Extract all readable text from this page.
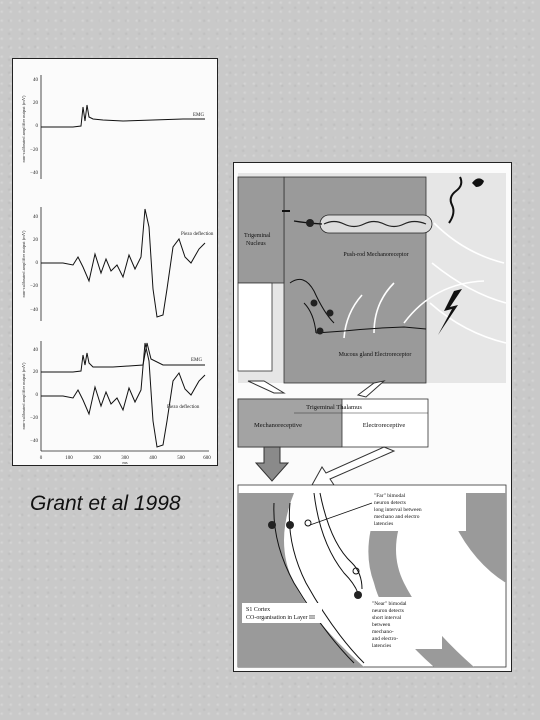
40
20
0
−20
−40
non-calibrated amplifier output (mV)	EMG
40
20
0
−20
−40
non-calibrated amplifier output (mV)	Piezo deflection
40
20
0
−20
−40
non-calibrated amplifier output (mV)
EMG
Piezo deflection
0	100	200	300	400	500	600
ms
Grant et al 1998
Push-rod Mechanoreceptor
Mucous gland Electroreceptor
Trigeminal
Nucleus
Trigeminal Thalamus
Mechanoreceptive	Electroreceptive
"Far" bimodal
neuron detects
long interval between
mechano and electro
latencies
"Near" bimodal
neuron detects
short interval
between
mechano-
and electro-
latencies
S1 Cortex
CO-organisation in Layer III
